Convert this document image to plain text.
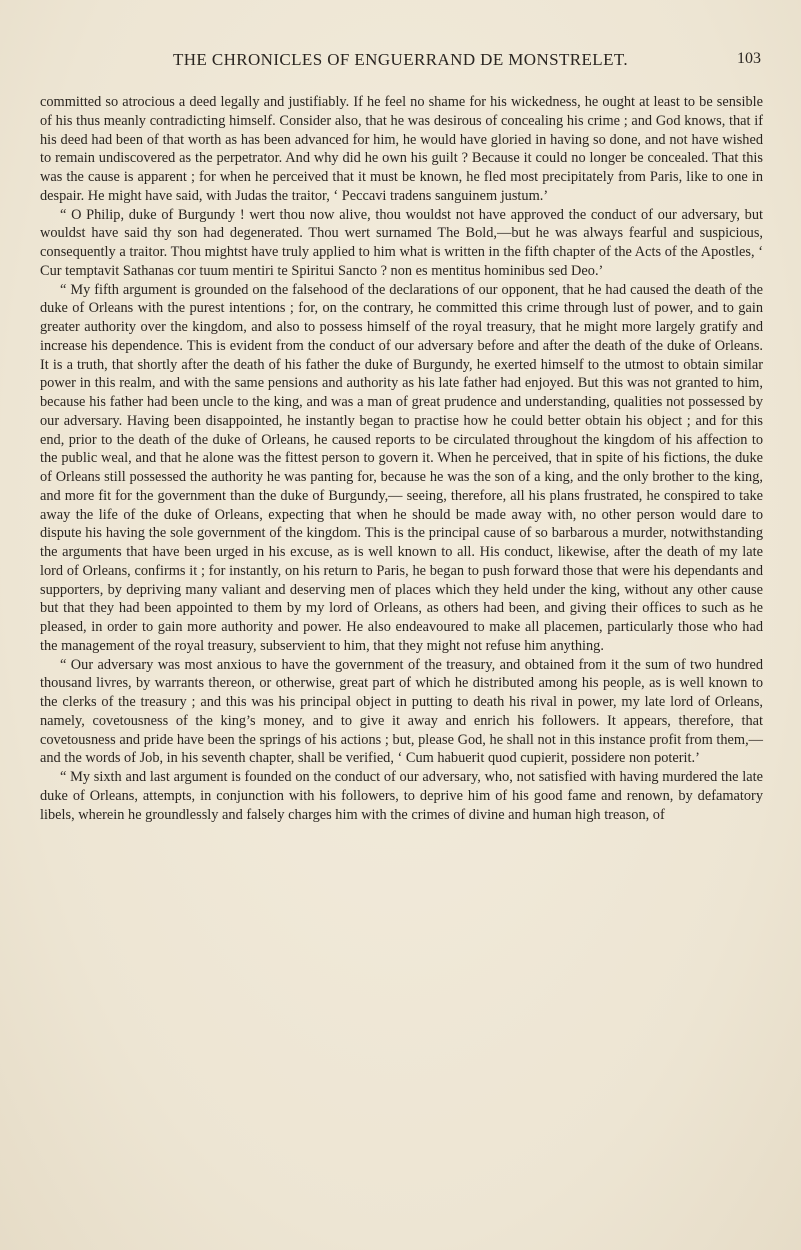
THE CHRONICLES OF ENGUERRAND DE MONSTRELET.	103

committed so atrocious a deed legally and justifiably. If he feel no shame for his wickedness, he ought at least to be sensible of his thus meanly contradicting himself. Consider also, that he was desirous of concealing his crime ; and God knows, that if his deed had been of that worth as has been advanced for him, he would have gloried in having so done, and not have wished to remain undiscovered as the perpetrator. And why did he own his guilt ? Because it could no longer be concealed. That this was the cause is apparent ; for when he perceived that it must be known, he fled most precipitately from Paris, like to one in despair. He might have said, with Judas the traitor, ‘ Peccavi tradens sanguinem justum.’

“ O Philip, duke of Burgundy ! wert thou now alive, thou wouldst not have approved the conduct of our adversary, but wouldst have said thy son had degenerated. Thou wert surnamed The Bold,—but he was always fearful and suspicious, consequently a traitor. Thou mightst have truly applied to him what is written in the fifth chapter of the Acts of the Apostles, ‘ Cur temptavit Sathanas cor tuum mentiri te Spiritui Sancto ? non es mentitus hominibus sed Deo.’

“ My fifth argument is grounded on the falsehood of the declarations of our opponent, that he had caused the death of the duke of Orleans with the purest intentions ; for, on the contrary, he committed this crime through lust of power, and to gain greater authority over the kingdom, and also to possess himself of the royal treasury, that he might more largely gratify and increase his dependence. This is evident from the conduct of our adversary before and after the death of the duke of Orleans. It is a truth, that shortly after the death of his father the duke of Burgundy, he exerted himself to the utmost to obtain similar power in this realm, and with the same pensions and authority as his late father had enjoyed. But this was not granted to him, because his father had been uncle to the king, and was a man of great prudence and understanding, qualities not possessed by our adversary. Having been disappointed, he instantly began to practise how he could better obtain his object ; and for this end, prior to the death of the duke of Orleans, he caused reports to be circulated throughout the kingdom of his affection to the public weal, and that he alone was the fittest person to govern it. When he perceived, that in spite of his fictions, the duke of Orleans still possessed the authority he was panting for, because he was the son of a king, and the only brother to the king, and more fit for the government than the duke of Burgundy,— seeing, therefore, all his plans frustrated, he conspired to take away the life of the duke of Orleans, expecting that when he should be made away with, no other person would dare to dispute his having the sole government of the kingdom. This is the principal cause of so barbarous a murder, notwithstanding the arguments that have been urged in his excuse, as is well known to all. His conduct, likewise, after the death of my late lord of Orleans, confirms it ; for instantly, on his return to Paris, he began to push forward those that were his dependants and supporters, by depriving many valiant and deserving men of places which they held under the king, without any other cause but that they had been appointed to them by my lord of Orleans, as others had been, and giving their offices to such as he pleased, in order to gain more authority and power. He also endeavoured to make all placemen, particularly those who had the management of the royal treasury, subservient to him, that they might not refuse him anything.

“ Our adversary was most anxious to have the government of the treasury, and obtained from it the sum of two hundred thousand livres, by warrants thereon, or otherwise, great part of which he distributed among his people, as is well known to the clerks of the treasury ; and this was his principal object in putting to death his rival in power, my late lord of Orleans, namely, covetousness of the king’s money, and to give it away and enrich his followers. It appears, therefore, that covetousness and pride have been the springs of his actions ; but, please God, he shall not in this instance profit from them,—and the words of Job, in his seventh chapter, shall be verified, ‘ Cum habuerit quod cupierit, possidere non poterit.’

“ My sixth and last argument is founded on the conduct of our adversary, who, not satisfied with having murdered the late duke of Orleans, attempts, in conjunction with his followers, to deprive him of his good fame and renown, by defamatory libels, wherein he groundlessly and falsely charges him with the crimes of divine and human high treason, of
